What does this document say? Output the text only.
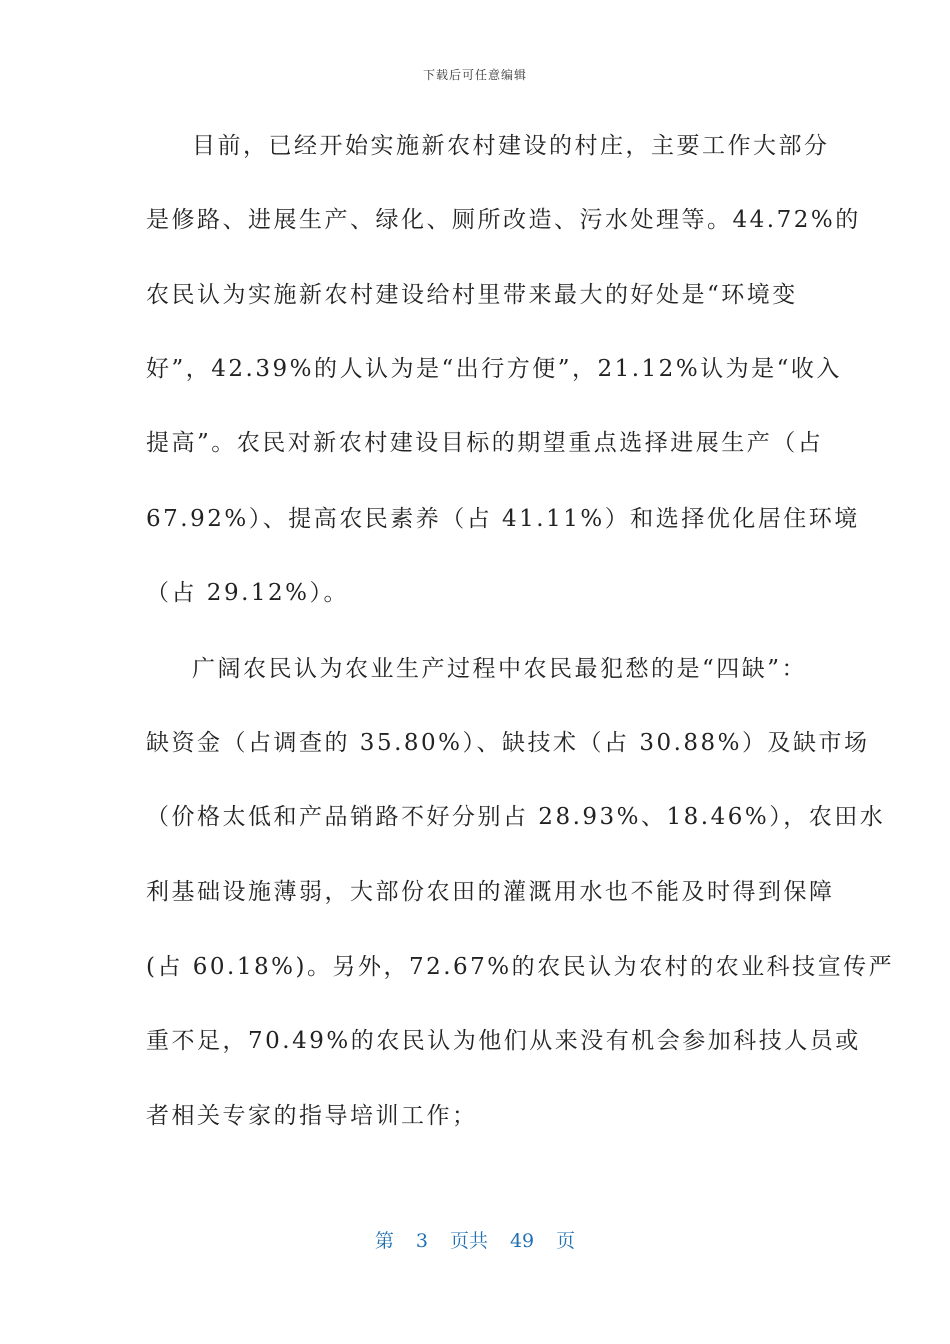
下载后可任意编辑
目前，已经开始实施新农村建设的村庄，主要工作大部分
是修路、进展生产、绿化、厕所改造、污水处理等。44.72%的
农民认为实施新农村建设给村里带来最大的好处是“环境变
好”，42.39%的人认为是“出行方便”，21.12%认为是“收入
提高”。农民对新农村建设目标的期望重点选择进展生产（占
67.92%）、提高农民素养（占 41.11%）和选择优化居住环境
（占 29.12%）。
广阔农民认为农业生产过程中农民最犯愁的是“四缺”：
缺资金（占调查的 35.80%）、缺技术（占 30.88%）及缺市场
（价格太低和产品销路不好分别占 28.93%、18.46%），农田水
利基础设施薄弱，大部份农田的灌溉用水也不能及时得到保障
(占 60.18%)。另外，72.67%的农民认为农村的农业科技宣传严
重不足，70.49%的农民认为他们从来没有机会参加科技人员或
者相关专家的指导培训工作；
第 3 页共 49 页
